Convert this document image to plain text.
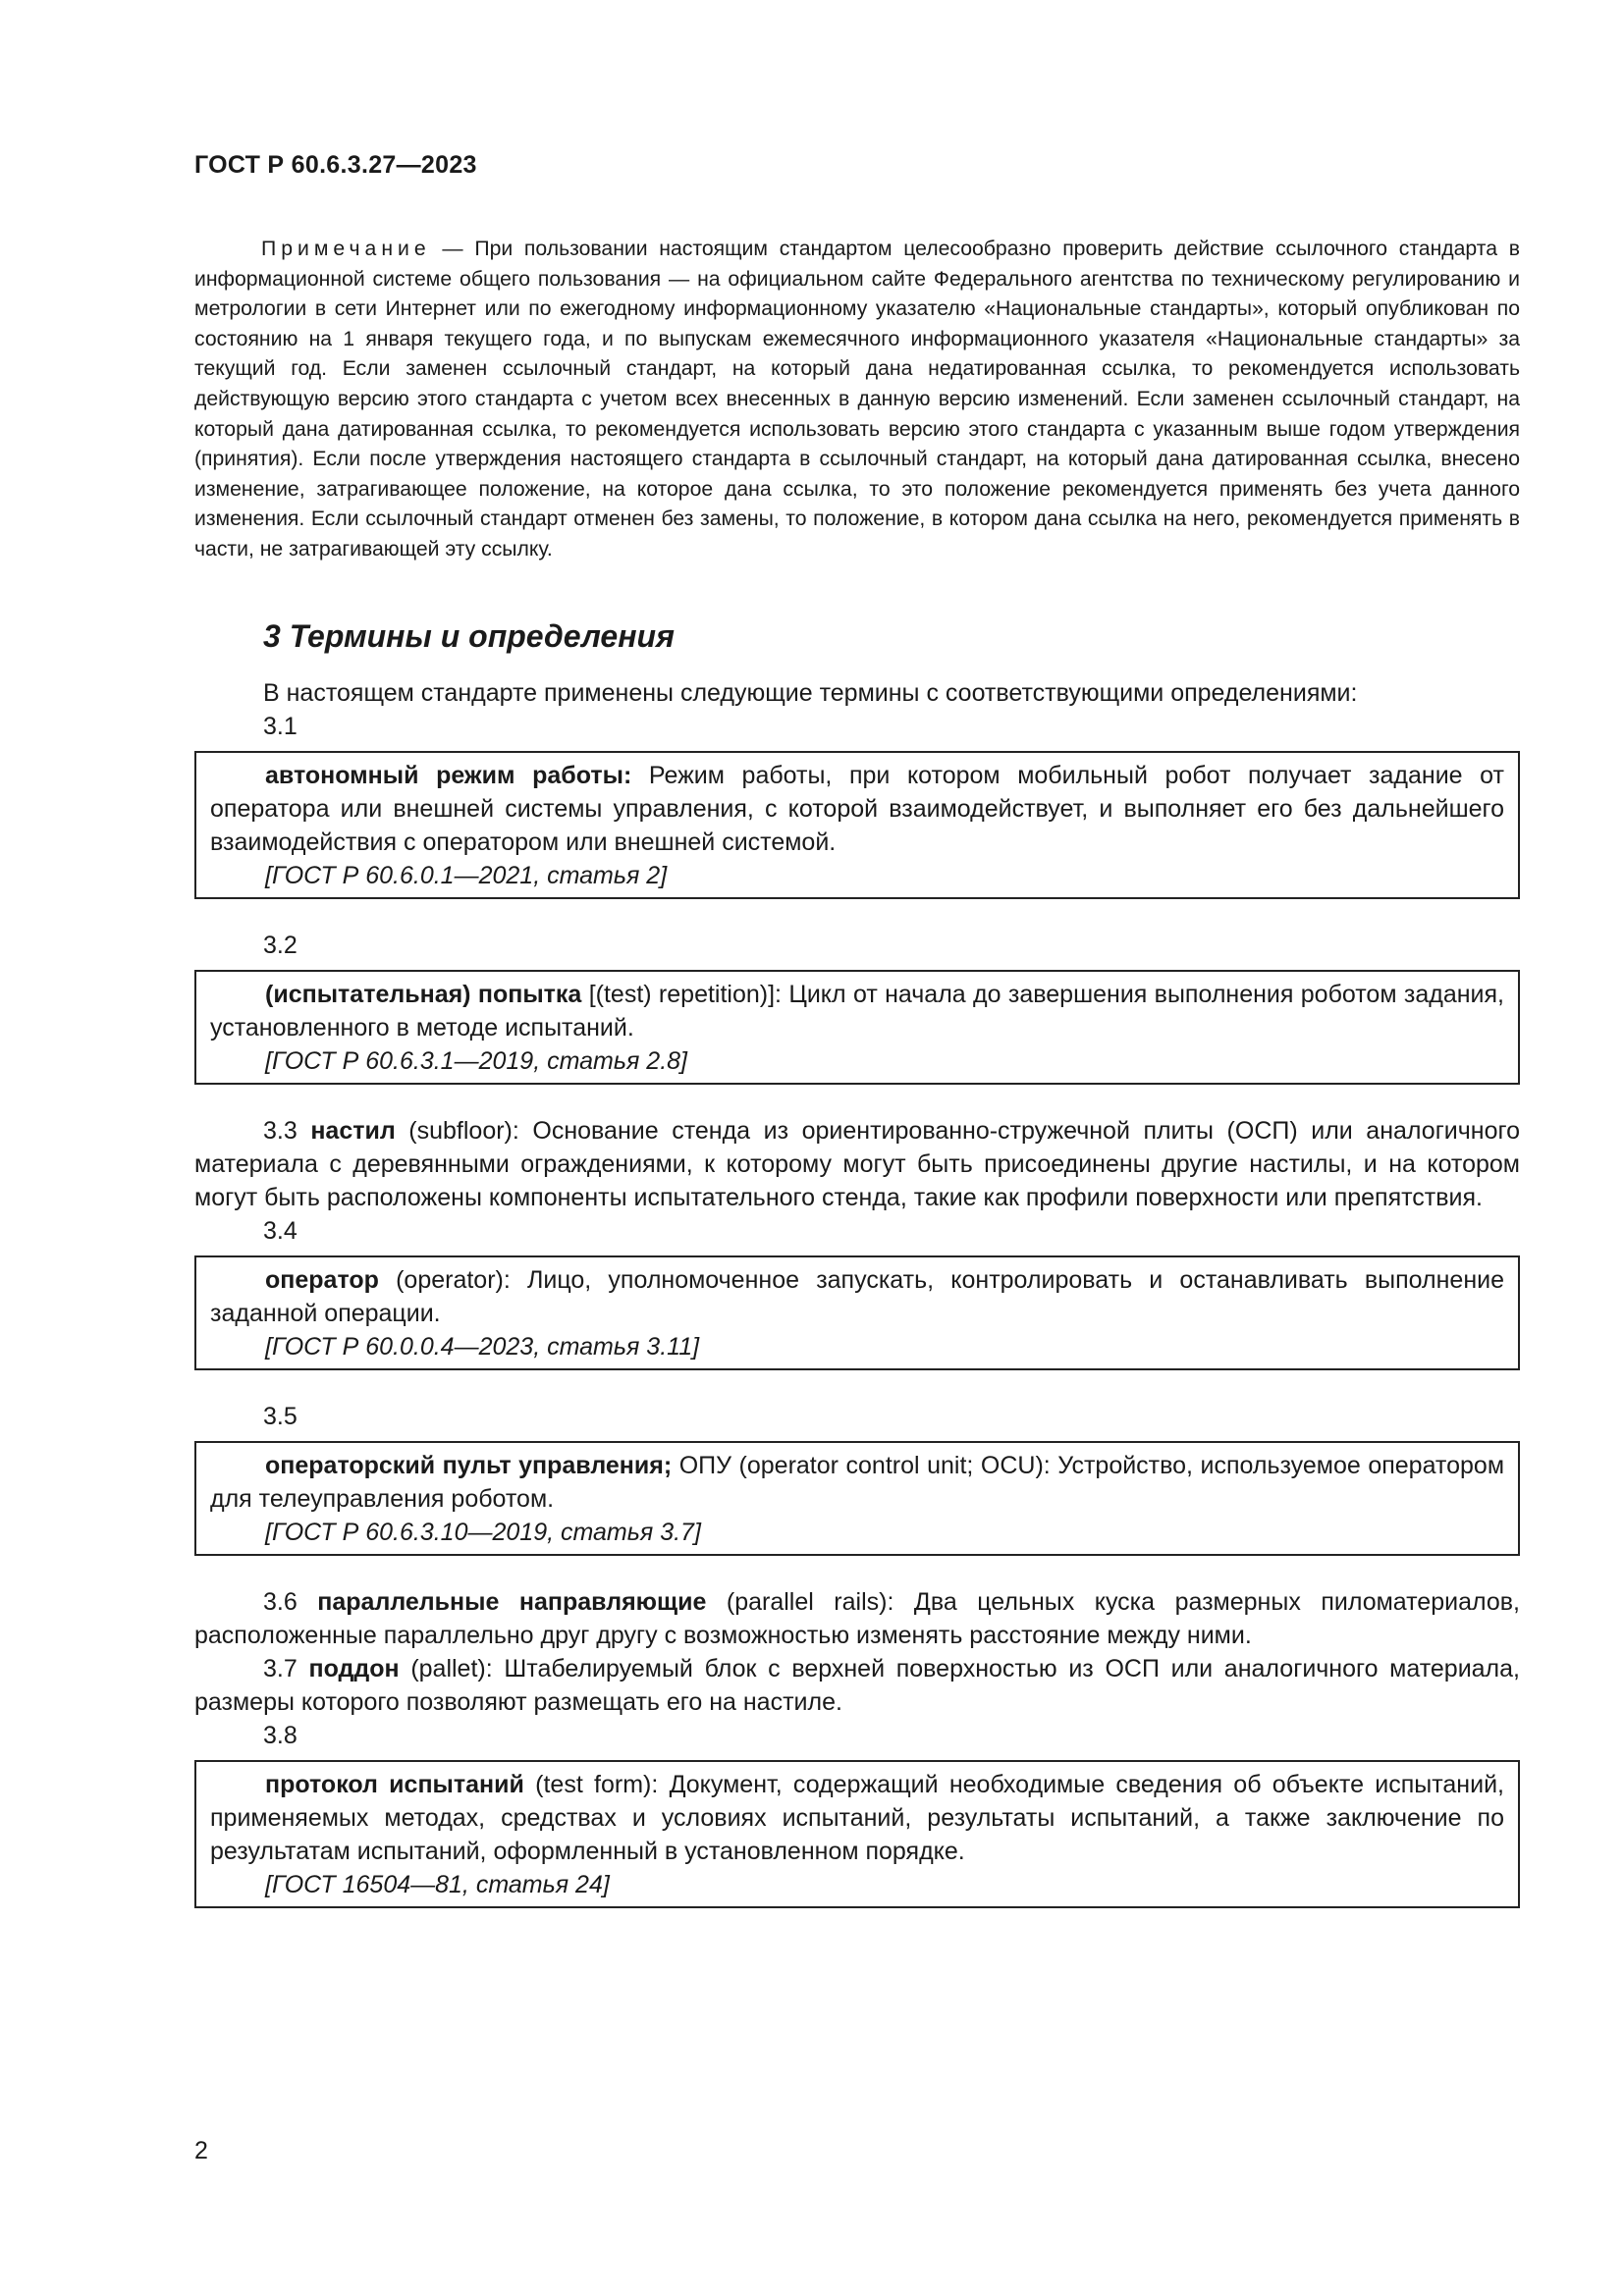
ГОСТ Р 60.6.3.27—2023
Примечание — При пользовании настоящим стандартом целесообразно проверить действие ссылочного стандарта в информационной системе общего пользования — на официальном сайте Федерального агентства по техническому регулированию и метрологии в сети Интернет или по ежегодному информационному указателю «Национальные стандарты», который опубликован по состоянию на 1 января текущего года, и по выпускам ежемесячного информационного указателя «Национальные стандарты» за текущий год. Если заменен ссылочный стандарт, на который дана недатированная ссылка, то рекомендуется использовать действующую версию этого стандарта с учетом всех внесенных в данную версию изменений. Если заменен ссылочный стандарт, на который дана датированная ссылка, то рекомендуется использовать версию этого стандарта с указанным выше годом утверждения (принятия). Если после утверждения настоящего стандарта в ссылочный стандарт, на который дана датированная ссылка, внесено изменение, затрагивающее положение, на которое дана ссылка, то это положение рекомендуется применять без учета данного изменения. Если ссылочный стандарт отменен без замены, то положение, в котором дана ссылка на него, рекомендуется применять в части, не затрагивающей эту ссылку.
3 Термины и определения
В настоящем стандарте применены следующие термины с соответствующими определениями:
3.1
автономный режим работы: Режим работы, при котором мобильный робот получает задание от оператора или внешней системы управления, с которой взаимодействует, и выполняет его без дальнейшего взаимодействия с оператором или внешней системой.
[ГОСТ Р 60.6.0.1—2021, статья 2]
3.2
(испытательная) попытка [(test) repetition)]: Цикл от начала до завершения выполнения роботом задания, установленного в методе испытаний.
[ГОСТ Р 60.6.3.1—2019, статья 2.8]
3.3 настил (subfloor): Основание стенда из ориентированно-стружечной плиты (ОСП) или аналогичного материала с деревянными ограждениями, к которому могут быть присоединены другие настилы, и на котором могут быть расположены компоненты испытательного стенда, такие как профили поверхности или препятствия.
3.4
оператор (operator): Лицо, уполномоченное запускать, контролировать и останавливать выполнение заданной операции.
[ГОСТ Р 60.0.0.4—2023, статья 3.11]
3.5
операторский пульт управления; ОПУ (operator control unit; OCU): Устройство, используемое оператором для телеуправления роботом.
[ГОСТ Р 60.6.3.10—2019, статья 3.7]
3.6 параллельные направляющие (parallel rails): Два цельных куска размерных пиломатериалов, расположенные параллельно друг другу с возможностью изменять расстояние между ними.
3.7 поддон (pallet): Штабелируемый блок с верхней поверхностью из ОСП или аналогичного материала, размеры которого позволяют размещать его на настиле.
3.8
протокол испытаний (test form): Документ, содержащий необходимые сведения об объекте испытаний, применяемых методах, средствах и условиях испытаний, результаты испытаний, а также заключение по результатам испытаний, оформленный в установленном порядке.
[ГОСТ 16504—81, статья 24]
2
